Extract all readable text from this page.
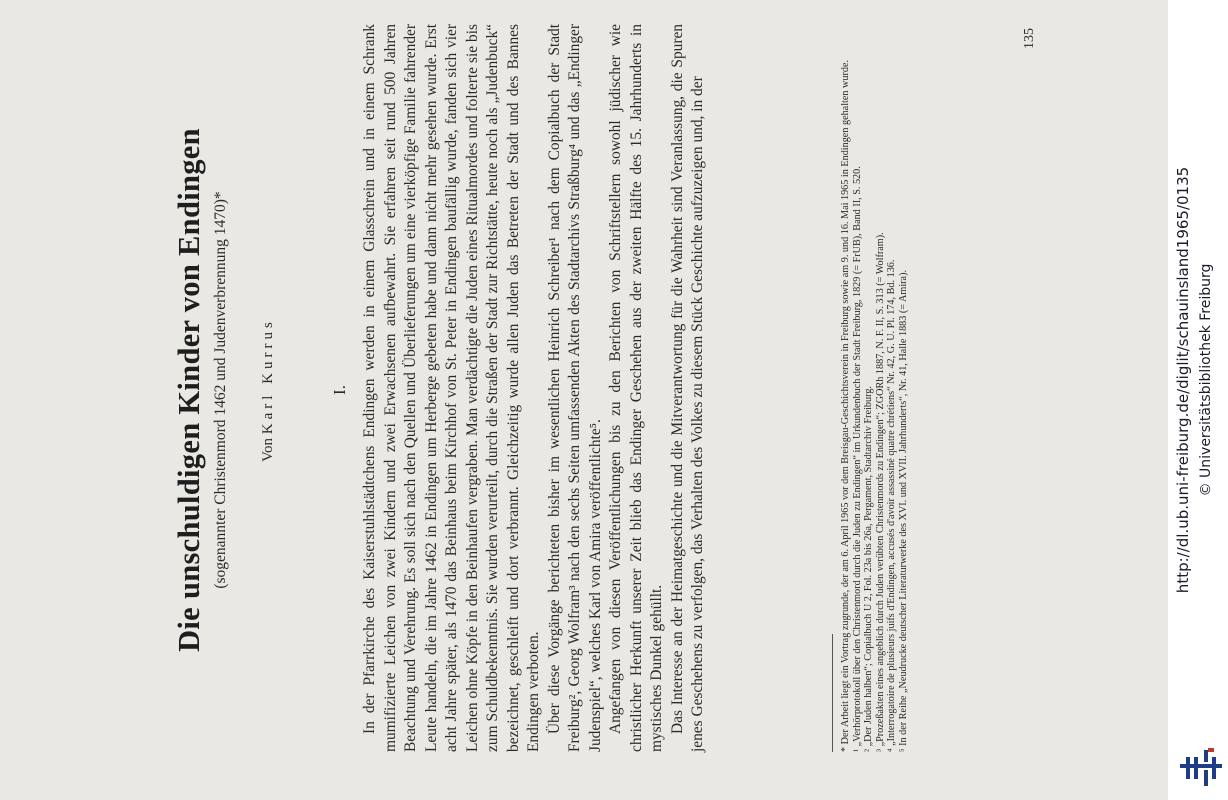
Die unschuldigen Kinder von Endingen (sogenannter Christenmord 1462 und Judenverbrennung 1470)* Von Karl Kurrus	I. In der Pfarrkirche des Kaiserstuhlstädtchens Endingen werden in einem Glasschrein und in einem Schrank mumifizierte Leichen von zwei Kindern und zwei Erwachsenen aufbewahrt. Sie erfahren seit rund 500 Jahren Beachtung und Verehrung. Es soll sich nach den Quellen und Überlieferungen um eine vierköpfige Familie fahrender Leute handeln, die im Jahre 1462 in Endingen um Herberge gebeten habe und dann nicht mehr gesehen wurde. Erst acht Jahre später, als 1470 das Beinhaus beim Kirchhof von St. Peter in Endingen baufällig wurde, fanden sich vier Leichen ohne Köpfe in den Beinhaufen vergraben. Man verdächtigte die Juden eines Ritualmordes und folterte sie bis zum Schuldbekenntnis. Sie wurden verurteilt, durch die Straßen der Stadt zur Richtstätte, heute noch als „Judenbuck“ bezeichnet, geschleift und dort verbrannt. Gleichzeitig wurde allen Juden das Betreten der Stadt und des Bannes Endingen verboten. Über diese Vorgänge berichteten bisher im wesentlichen Heinrich Schreiber¹ nach dem Copialbuch der Stadt Freiburg², Georg Wolfram³ nach den sechs Seiten umfassenden Akten des Stadtarchivs Straßburg⁴ und das „Endinger Judenspiel“, welches Karl von Amira veröffentlichte⁵. Angefangen von diesen Veröffentlichungen bis zu den Berichten von Schriftstellern sowohl jüdischer wie christlicher Herkunft unserer Zeit blieb das Endinger Geschehen aus der zweiten Hälfte des 15. Jahrhunderts in mystisches Dunkel gehüllt. Das Interesse an der Heimatgeschichte und die Mitverantwortung für die Wahrheit sind Veranlassung, die Spuren jenes Geschehens zu verfolgen, das Verhalten des Volkes zu diesem Stück Geschichte aufzuzeigen und, in der	* Der Arbeit liegt ein Vortrag zugrunde, der am 6. April 1965 vor dem Breisgau-Geschichtsverein in Freiburg sowie am 9. und 16. Mai 1965 in Endingen gehalten wurde. ¹ „Verhörprotokoll über den Christenmord durch die Juden zu Endingen“ im Urkundenbuch der Stadt Freiburg, 1829 (= FrUB), Band II, S. 520. ² „Der Juden halben“; Copialbuch U 2, Fol. 23a bis 26a, Pergament, Stadtarchiv Freiburg. ³ „Prozeßakten eines angeblich durch Juden verübten Christenmords zu Endingen“; ZGORh 1887, N. F. II, S. 313 (= Wolfram). ⁴ „Interrogatoire de plusieurs juifs d'Endingen, accusés d'avoir assassiné quatre chrétiens“ Nr. 42, G. U. Pl. 174, Bd. 136. ⁵ In der Reihe „Neudrucke deutscher Literaturwerke des XVI. und XVII. Jahrhunderts“, Nr. 41, Halle 1883 (= Amira).

135
http://dl.ub.uni-freiburg.de/diglit/schauinsland1965/0135 © Universitätsbibliothek Freiburg
